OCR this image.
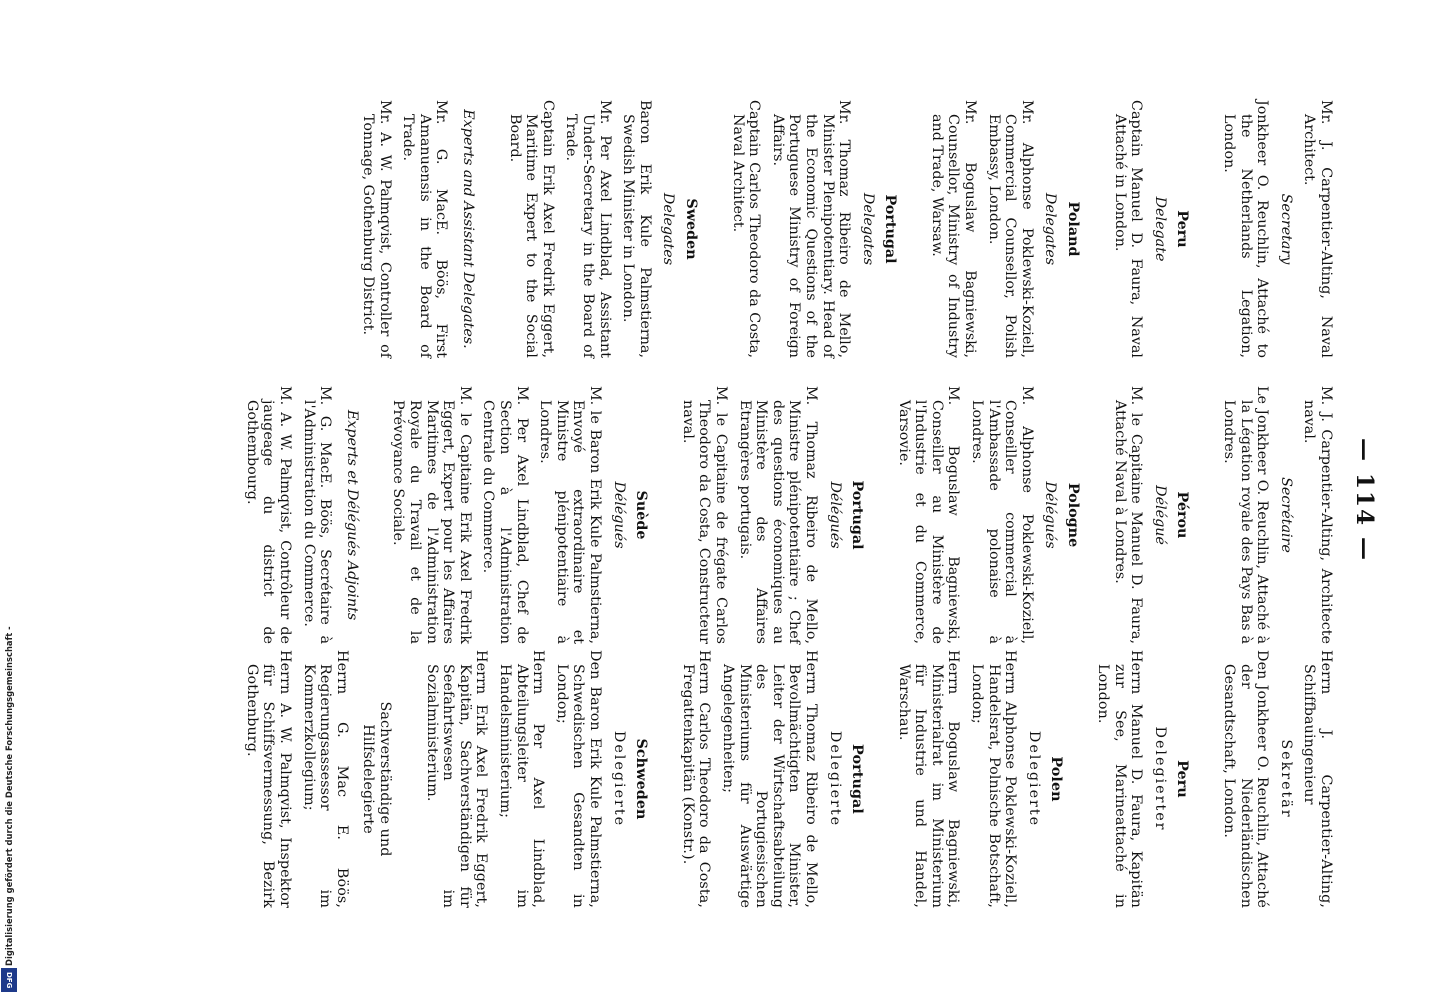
Digitalisierung gefördert durch die Deutsche Forschungsgemeinschaft -
DFG
— 114 —

Mr. J. Carpentier-Alting, Naval Architect.

Secretary

Jonkheer O. Reuchlin, Attaché to the Netherlands Legation, London.

Peru

Delegate

Captain Manuel D. Faura, Naval Attaché in London.

Poland

Delegates

Mr. Alphonse Poklewski-Koziell, Commercial Counsellor, Polish Embassy, London.

Mr. Boguslaw Bagniewski, Counsellor, Ministry of Industry and Trade, Warsaw.

Portugal

Delegates

Mr. Thomaz Ribeiro de Mello, Minister Plenipotentiary. Head of the Economic Questions of the Portuguese Ministry of Foreign Affairs.

Captain Carlos Theodoro da Costa, Naval Architect.

Sweden

Delegates

Baron Erik Kule Palmstierna, Swedish Minister in London.

Mr. Per Axel Lindblad, Assistant Under-Secretary in the Board of Trade.

Captain Erik Axel Fredrik Eggert, Maritime Expert to the Social Board.

Experts and Assistant Delegates.

Mr. G. MacE. Böös, First Amanuensis in the Board of Trade.

Mr. A. W. Palmqvist, Controller of Tonnage, Gothenburg District.

M. J. Carpentier-Alting, Architecte naval.

Secrétaire

Le Jonkheer O. Reuchlin, Attaché à la Légation royale des Pays Bas à Londres.

Pérou

Délégué

M. le Capitaine Manuel D. Faura, Attaché Naval à Londres.

Pologne

Délégués

M. Alphonse Poklewski-Koziell, Conseiller commercial à l'Ambassade polonaise à Londres.

M. Boguslaw Bagniewski, Conseiller au Ministère de l'Industrie et du Commerce, Varsovie.

Portugal

Délégués

M. Thomaz Ribeiro de Mello, Ministre plénipotentiaire ; Chef des questions économiques au Ministère des Affaires Etrangères portugais.

M. le Capitaine de frégate Carlos Theodoro da Costa, Constructeur naval.

Suède

Délégués

M. le Baron Erik Kule Palmstierna, Envoyé extraordinaire et Ministre plénipotentiaire à Londres.

M. Per Axel Lindblad, Chef de Section à l'Administration Centrale du Commerce.

M. le Capitaine Erik Axel Fredrik Eggert, Expert pour les Affaires Maritimes de l'Administration Royale du Travail et de la Prévoyance Sociale.

Experts et Délégués Adjoints

M. G. MacE. Böös, Secrétaire à l'Administration du Commerce.

M. A. W. Palmqvist, Contrôleur de jaugeage du district de Gothembourg.

Herrn J. Carpentier-Alting, Schiffbauingenieur

Sekretär

Den Jonkheer O. Reuchlin, Attaché der Niederländischen Gesandtschaft, London.

Peru

Delegierter

Herrn Manuel D. Faura, Kapitän zur See, Marineattaché in London.

Polen

Delegierte

Herrn Alphonse Poklewski-Koziell, Handelsrat, Polnische Botschaft, London;

Herrn Boguslaw Bagniewski, Ministerialrat im Ministerium für Industrie und Handel, Warschau.

Portugal

Delegierte

Herrn Thomaz Ribeiro de Mello, Bevollmächtigten Minister, Leiter der Wirtschaftsabteilung des Portugiesischen Ministeriums für Auswärtige Angelegenheiten;

Herrn Carlos Theodoro da Costa, Fregattenkapitän (Konstr.).

Schweden

Delegierte

Den Baron Erik Kule Palmstierna, Schwedischen Gesandten in London;

Herrn Per Axel Lindblad, Abteilungsleiter im Handelsministerium;

Herrn Erik Axel Fredrik Eggert, Kapitän, Sachverständigen für Seefahrtswesen im Sozialministerium.

Sachverständige und Hilfsdelegierte

Herrn G. Mac E. Böös, Regierungsassessor im Kommerzkollegium;

Herrn A. W. Palmqvist, Inspektor für Schiffsvermessung, Bezirk Gothenburg.
